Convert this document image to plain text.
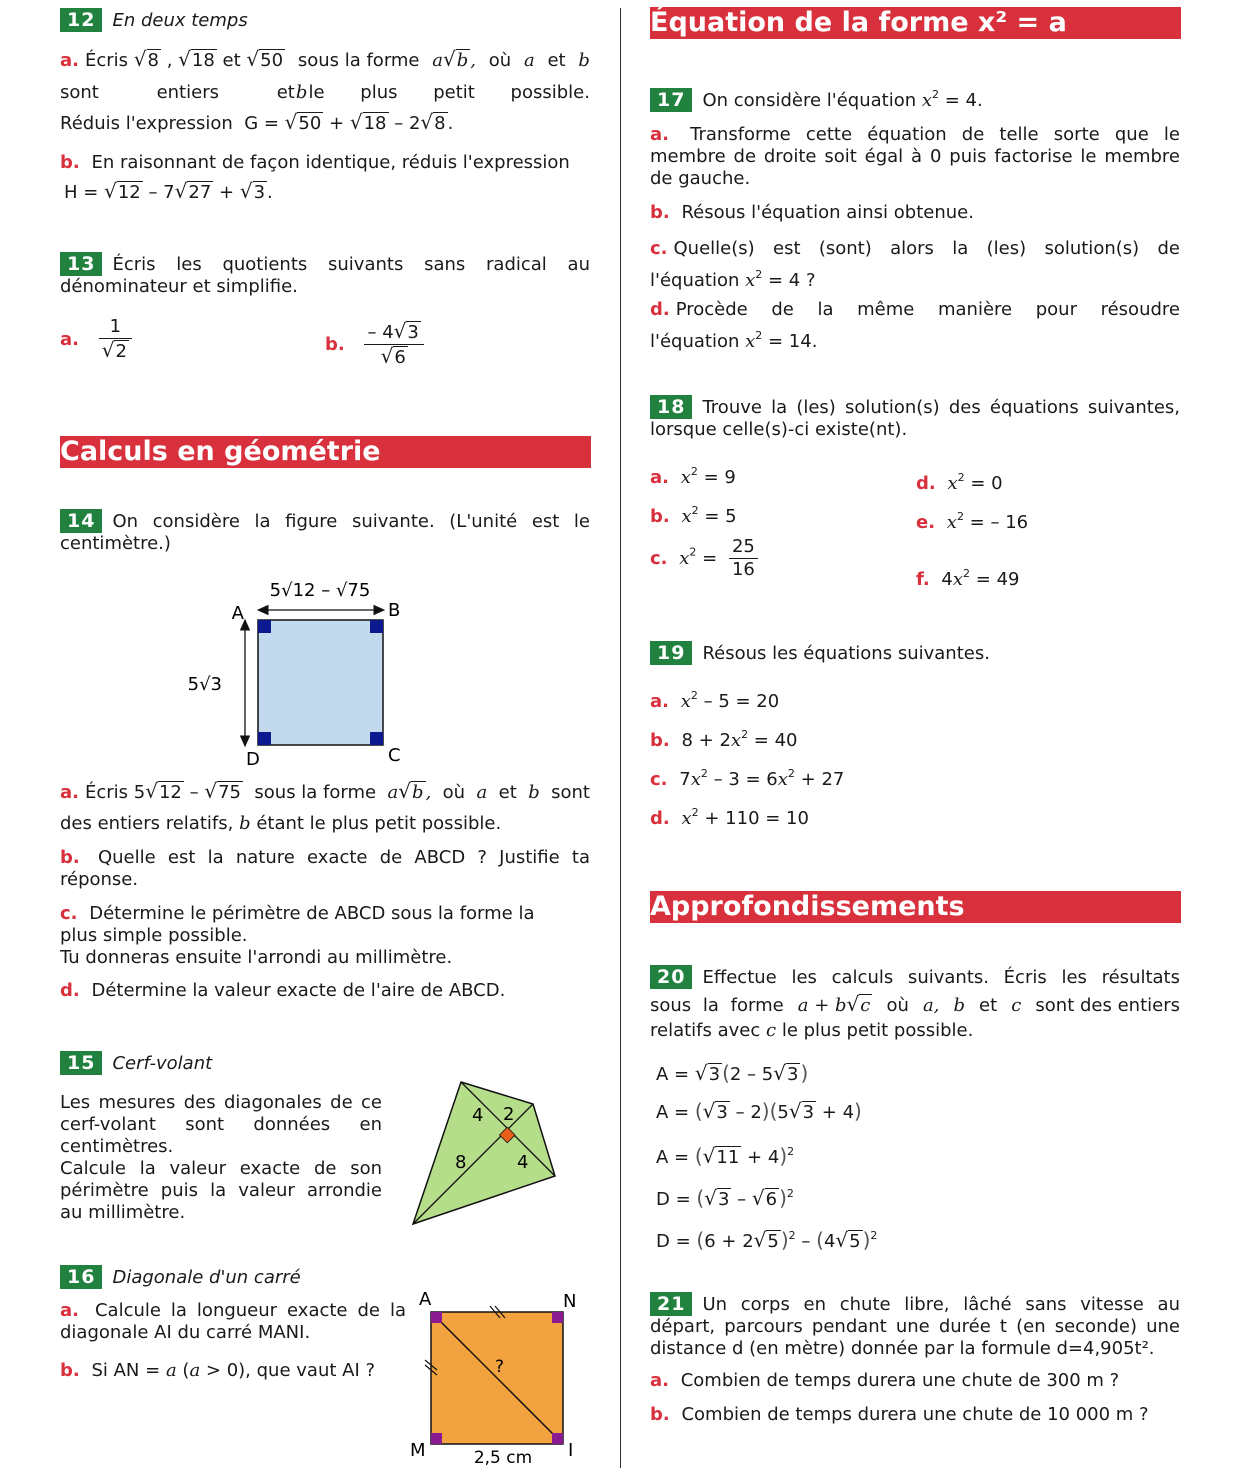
12 En deux temps
a. Écris √8 , √18 et √50 sous la forme a√b , où a et b
sont entiers et b le plus petit possible.
Réduis l'expression  G = √50 + √18 – 2√8 .
b. En raisonnant de façon identique, réduis l'expression
H = √12 – 7√27 + √3 .
13 Écris les quotients suivants sans radical au dénominateur et simplifie.
a. $\frac{1}{√2}$	b. $\frac{- 4√3}{√6}$
Calculs en géométrie
14 On considère la figure suivante. (L'unité est le centimètre.)
5√12 – √75
5√3
A	B
C
D
a. Écris 5√12 – √75 sous la forme a√b , où a et b sont
des entiers relatifs, b étant le plus petit possible.
b. Quelle est la nature exacte de ABCD ? Justifie ta réponse.
c. Détermine le périmètre de ABCD sous la forme la plus simple possible.
Tu donneras ensuite l'arrondi au millimètre.
d. Détermine la valeur exacte de l'aire de ABCD.
15 Cerf-volant
Les mesures des diagonales de ce cerf-volant sont données en centimètres.
Calcule la valeur exacte de son périmètre puis la valeur arrondie au millimètre.
4 2
8	4
16 Diagonale d'un carré
a. Calcule la longueur exacte de la diagonale AI du carré MANI.
b. Si AN = a (a > 0), que vaut AI ?
A	N
M	I
?
2,5 cm
Équation de la forme x² = a
17 On considère l'équation $x^2 = 4$.
a. Transforme cette équation de telle sorte que le membre de droite soit égal à 0 puis factorise le membre de gauche.
b. Résous l'équation ainsi obtenue.
c. Quelle(s) est (sont) alors la (les) solution(s) de
l'équation $x^2 = 4$ ?
d. Procède de la même manière pour résoudre
l'équation $x^2 = 14$.
18 Trouve la (les) solution(s) des équations suivantes, lorsque celle(s)-ci existe(nt).
a. $x^2 = 9$
b. $x^2 = 5$
c. $x^2 = \frac{25}{16}$
d. $x^2 = 0$
e. $x^2$ = – 16
f. $4x^2 = 49$
19 Résous les équations suivantes.
a. $x^2 - 5 = 20$
b. $8 + 2x^2 = 40$
c. $7x^2 - 3 = 6x^2 + 27$
d. $x^2 + 110 = 10$
Approfondissements
20 Effectue les calculs suivants. Écris les résultats
sous la forme a + b√c où a, b et c sont des entiers
relatifs avec c le plus petit possible.
A = √3 (2 – 5√3 )
A = (√3 – 2)(5√3 + 4)
$A = (√11 + 4)^2$
D = (√3 – √6 )$^2$
D = (6 + 2√5 )$^2$ – (4√5 )$^2$
21 Un corps en chute libre, lâché sans vitesse au départ, parcours pendant une durée t (en seconde) une distance d (en mètre) donnée par la formule d=4,905t².
a. Combien de temps durera une chute de 300 m ?
b. Combien de temps durera une chute de 10 000 m ?
